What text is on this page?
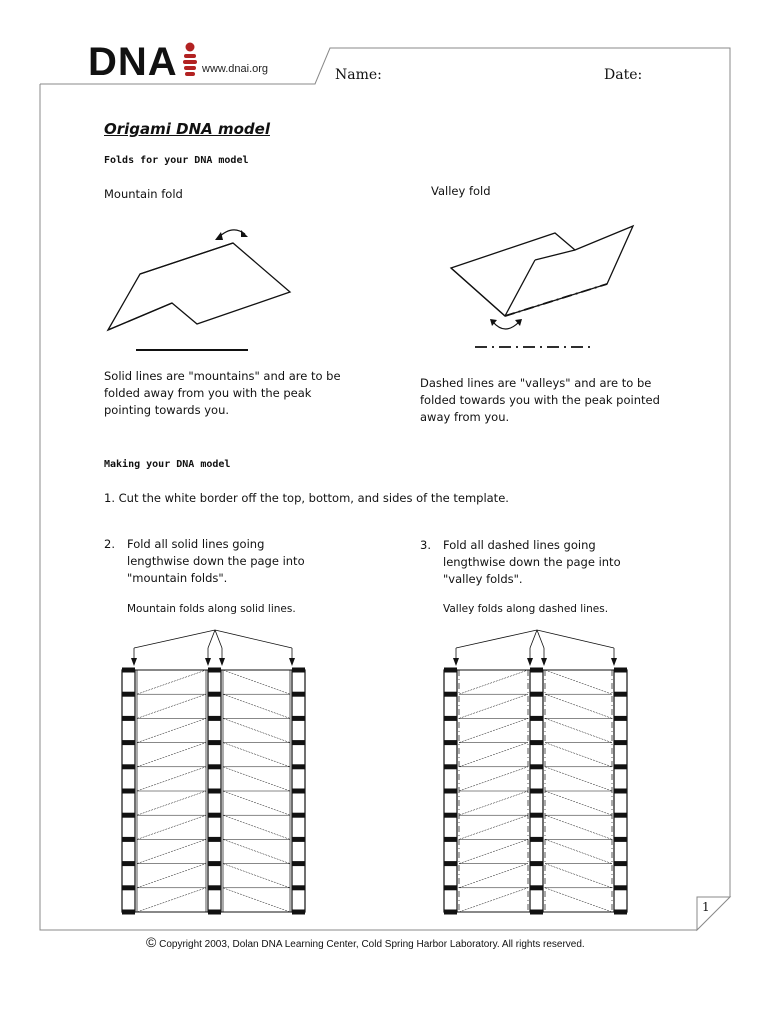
DNA www.dnai.org	Name:	Date:
Origami DNA model
Folds for your DNA model
Mountain fold	Valley fold
Solid lines are "mountains" and are to be
folded away from you with the peak
pointing towards you.
Dashed lines are "valleys" and are to be
folded towards you with the peak pointed
away from you.
Making your DNA model
1. Cut the white border off the top, bottom, and sides of the template.
2. Fold all solid lines going
lengthwise down the page into
"mountain folds".
Mountain folds along solid lines.
3. Fold all dashed lines going
lengthwise down the page into
"valley folds".
Valley folds along dashed lines.
© Copyright 2003, Dolan DNA Learning Center, Cold Spring Harbor Laboratory. All rights reserved.
1
